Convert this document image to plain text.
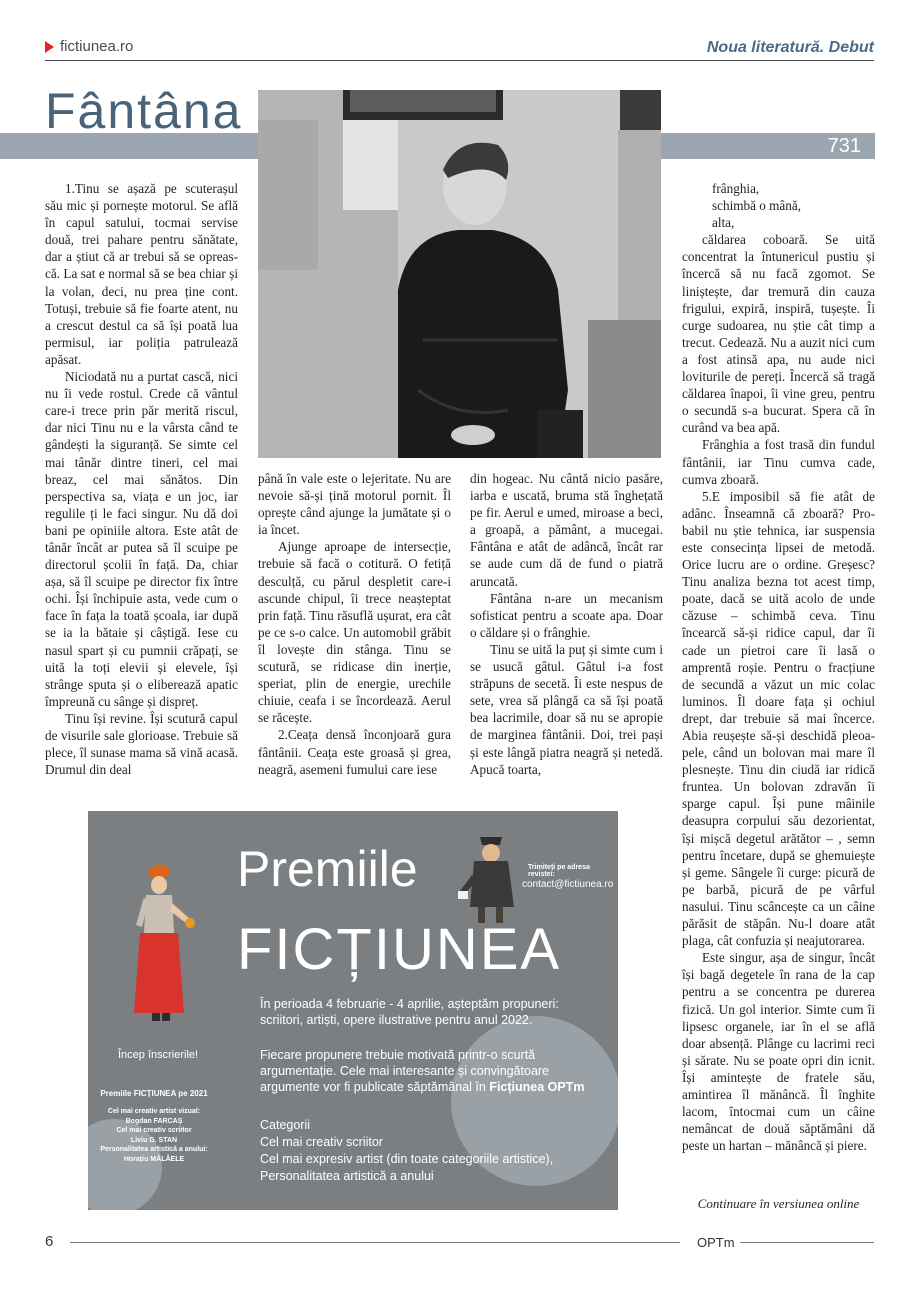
fictiunea.ro	Noua literatură. Debut
Fântâna
731

1.Tinu se așază pe scuterașul său mic și pornește motorul. Se află în capul satului, tocmai servise două, trei pahare pentru sănătate, dar a știut că ar trebui să se oprească. La sat e normal să se bea chiar și la volan, deci, nu prea ține cont. Totuși, trebuie să fie foarte atent, nu a crescut destul ca să își poată lua permisul, iar poliția patrulează apăsat.

Niciodată nu a purtat cască, nici nu îi vede rostul. Crede că vântul care-i trece prin păr merită riscul, dar nici Tinu nu e la vârsta când te gândești la siguranță. Se simte cel mai tânăr dintre tineri, cel mai breaz, cel mai sănătos. Din perspectiva sa, viața e un joc, iar regulile ți le faci singur. Nu dă doi bani pe opiniile altora. Este atât de tânăr încât ar putea să îl scuipe pe directorul școlii în față. Da, chiar așa, să îl scuipe pe director fix între ochi. Își închipuie asta, vede cum o face în fața la toată școala, iar după se ia la bătaie și câștigă. Iese cu nasul spart și cu pumnii crăpați, se uită la toți elevii și elevele, își strânge sputa și o eliberează apatic împreună cu sânge și dispreț.

Tinu își revine. Își scutură capul de visurile sale glorioase. Trebuie să plece, îl sunase mama să vină acasă. Drumul din deal

până în vale este o lejeritate. Nu are nevoie să-și țină motorul pornit. Îl oprește când ajunge la jumătate și o ia încet.

Ajunge aproape de intersecție, trebuie să facă o cotitură. O fetiță desculță, cu părul despletit care-i ascunde chipul, îi trece neașteptat prin față. Tinu răsuflă ușurat, era cât pe ce s-o calce. Un automobil grăbit îl lovește din stânga. Tinu se scutură, se ridicase din inerție, speriat, plin de energie, urechile chiuie, ceafa i se încordează. Aerul se răcește.

2.Ceața densă înconjoară gura fântânii. Ceața este groasă și grea, neagră, asemeni fumului care iese

din hogeac. Nu cântă nicio pasăre, iarba e uscată, bruma stă înghețată pe fir. Aerul e umed, miroase a beci, a groapă, a pământ, a mucegai. Fântâna e atât de adâncă, încât rar se aude cum dă de fund o piatră aruncată.

Fântâna n-are un mecanism sofisticat pentru a scoate apa. Doar o căldare și o frânghie.

Tinu se uită la puț și simte cum i se usucă gâtul. Gâtul i-a fost străpuns de secetă. Îi este nespus de sete, vrea să plângă ca să își poată bea lacrimile, doar să nu se apropie de marginea fântânii. Doi, trei pași și este lângă piatra neagră și netedă. Apucă toarta,

frânghia,

schimbă o mână,

alta,

căldarea coboară. Se uită concentrat la întunericul pustiu și încercă să nu facă zgomot. Se liniștește, dar tremură din cauza frigului, expiră, inspiră, tușește. Îi curge sudoarea, nu știe cât timp a trecut. Cedează. Nu a auzit nici cum a fost atinsă apa, nu aude nici loviturile de pereți. Încercă să tragă căldarea înapoi, îi vine greu, pentru o secundă s-a bucurat. Spera că în curând va bea apă.

Frânghia a fost trasă din fundul fântânii, iar Tinu cumva cade, cumva zboară.

5.E imposibil să fie atât de adânc. Înseamnă că zboară? Probabil nu știe tehnica, iar suspensia este consecința lipsei de metodă. Orice lucru are o ordine. Greșesc? Tinu analiza bezna tot acest timp, poate, dacă se uită acolo de unde căzuse – schimbă ceva. Tinu încearcă să-și ridice capul, dar îi cade un pietroi care îi lasă o amprentă roșie. Pentru o fracțiune de secundă a văzut un mic colac luminos. Îl doare fața și ochiul drept, dar trebuie să mai încerce. Abia reușește să-și deschidă pleoapele, când un bolovan mai mare îl plesnește. Tinu din ciudă iar ridică fruntea. Un bolovan zdravăn îi sparge capul. Își pune mâinile deasupra corpului său dezorientat, își mișcă degetul arătător – , semn pentru încetare, după se ghemuiește și geme. Sângele îi curge: picură de pe barbă, picură de pe vârful nasului. Tinu scâncește ca un câine părăsit de stăpân. Nu-l doare atât plaga, cât confuzia și neajutorarea.

Este singur, așa de singur, încât își bagă degetele în rana de la cap pentru a se concentra pe durerea fizică. Un gol interior. Simte cum îi lipsesc organele, iar în el se află doar absență. Plânge cu lacrimi reci și sărate. Nu se poate opri din icnit. Își amintește de fratele său, amintirea îl mănâncă. Îl înghite lacom, întocmai cum un câine nemâncat de două săptămâni dă peste un hartan – mănâncă și piere.

Continuare în versiunea online
Premiile
FICȚIUNEA
Trimiteți pe adresa revistei:
contact@fictiunea.ro
În perioada 4 februarie - 4 aprilie, așteptăm propuneri: scriitori, artiști, opere ilustrative pentru anul 2022.
Fiecare propunere trebuie motivată printr-o scurtă argumentație. Cele mai interesante și convingătoare argumente vor fi publicate săptămânal în Ficțiunea OPTm
Categorii
Cel mai creativ scriitor
Cel mai expresiv artist (din toate categoriile artistice),
Personalitatea artistică a anului
Încep înscrierile!
Premiile FICȚIUNEA pe 2021
Cel mai creativ artist vizual:
Bogdan FARCAȘ
Cel mai creativ scriitor
Liviu G. STAN
Personalitatea artistică a anului:
Horațiu MĂLĂELE
6	OPTm
